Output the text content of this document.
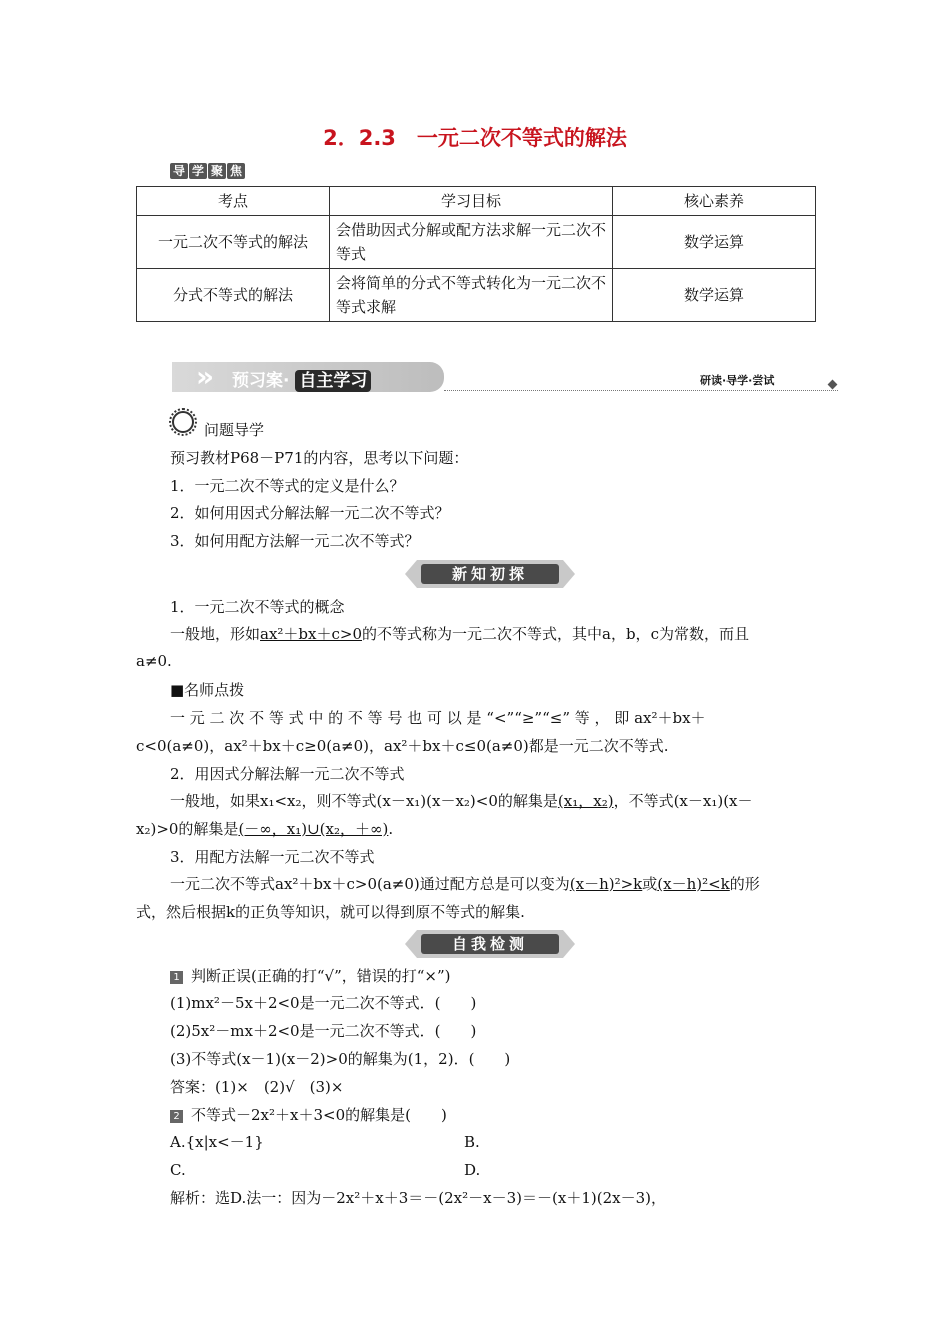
2．2.3　一元二次不等式的解法
导 学 聚 焦
考点	学习目标	核心素养
一元二次不等式的解法	会借助因式分解或配方法求解一元二次不等式	数学运算
分式不等式的解法	会将简单的分式不等式转化为一元二次不等式求解	数学运算
»	预习案· 自主学习	研读·导学·尝试
问题导学
预习教材P68－P71的内容，思考以下问题：
1．一元二次不等式的定义是什么？
2．如何用因式分解法解一元二次不等式？
3．如何用配方法解一元二次不等式？
新知初探
1．一元二次不等式的概念
一般地，形如ax²＋bx＋c>0的不等式称为一元二次不等式，其中a，b，c为常数，而且
a≠0.
■名师点拨
一 元 二 次 不 等 式 中 的 不 等 号 也 可 以 是 “<”“≥”“≤” 等 ， 即 ax²＋bx＋
c<0(a≠0)，ax²＋bx＋c≥0(a≠0)，ax²＋bx＋c≤0(a≠0)都是一元二次不等式.
2．用因式分解法解一元二次不等式
一般地，如果x₁<x₂，则不等式(x－x₁)(x－x₂)<0的解集是(x₁，x₂)，不等式(x－x₁)(x－
x₂)>0的解集是(－∞，x₁)∪(x₂，＋∞).
3．用配方法解一元二次不等式
一元二次不等式ax²＋bx＋c>0(a≠0)通过配方总是可以变为(x－h)²>k或(x－h)²<k的形
式，然后根据k的正负等知识，就可以得到原不等式的解集.
自我检测
1 判断正误(正确的打“√”，错误的打“×”)
(1)mx²－5x＋2<0是一元二次不等式．(　　)
(2)5x²－mx＋2<0是一元二次不等式．(　　)
(3)不等式(x－1)(x－2)>0的解集为(1，2)．(　　)
答案：(1)×　(2)√　(3)×
2 不等式－2x²＋x＋3<0的解集是(　　)
A.{x|x<－1}	B.
C.	D.
解析：选D.法一：因为－2x²＋x＋3＝－(2x²－x－3)＝－(x＋1)(2x－3)，
